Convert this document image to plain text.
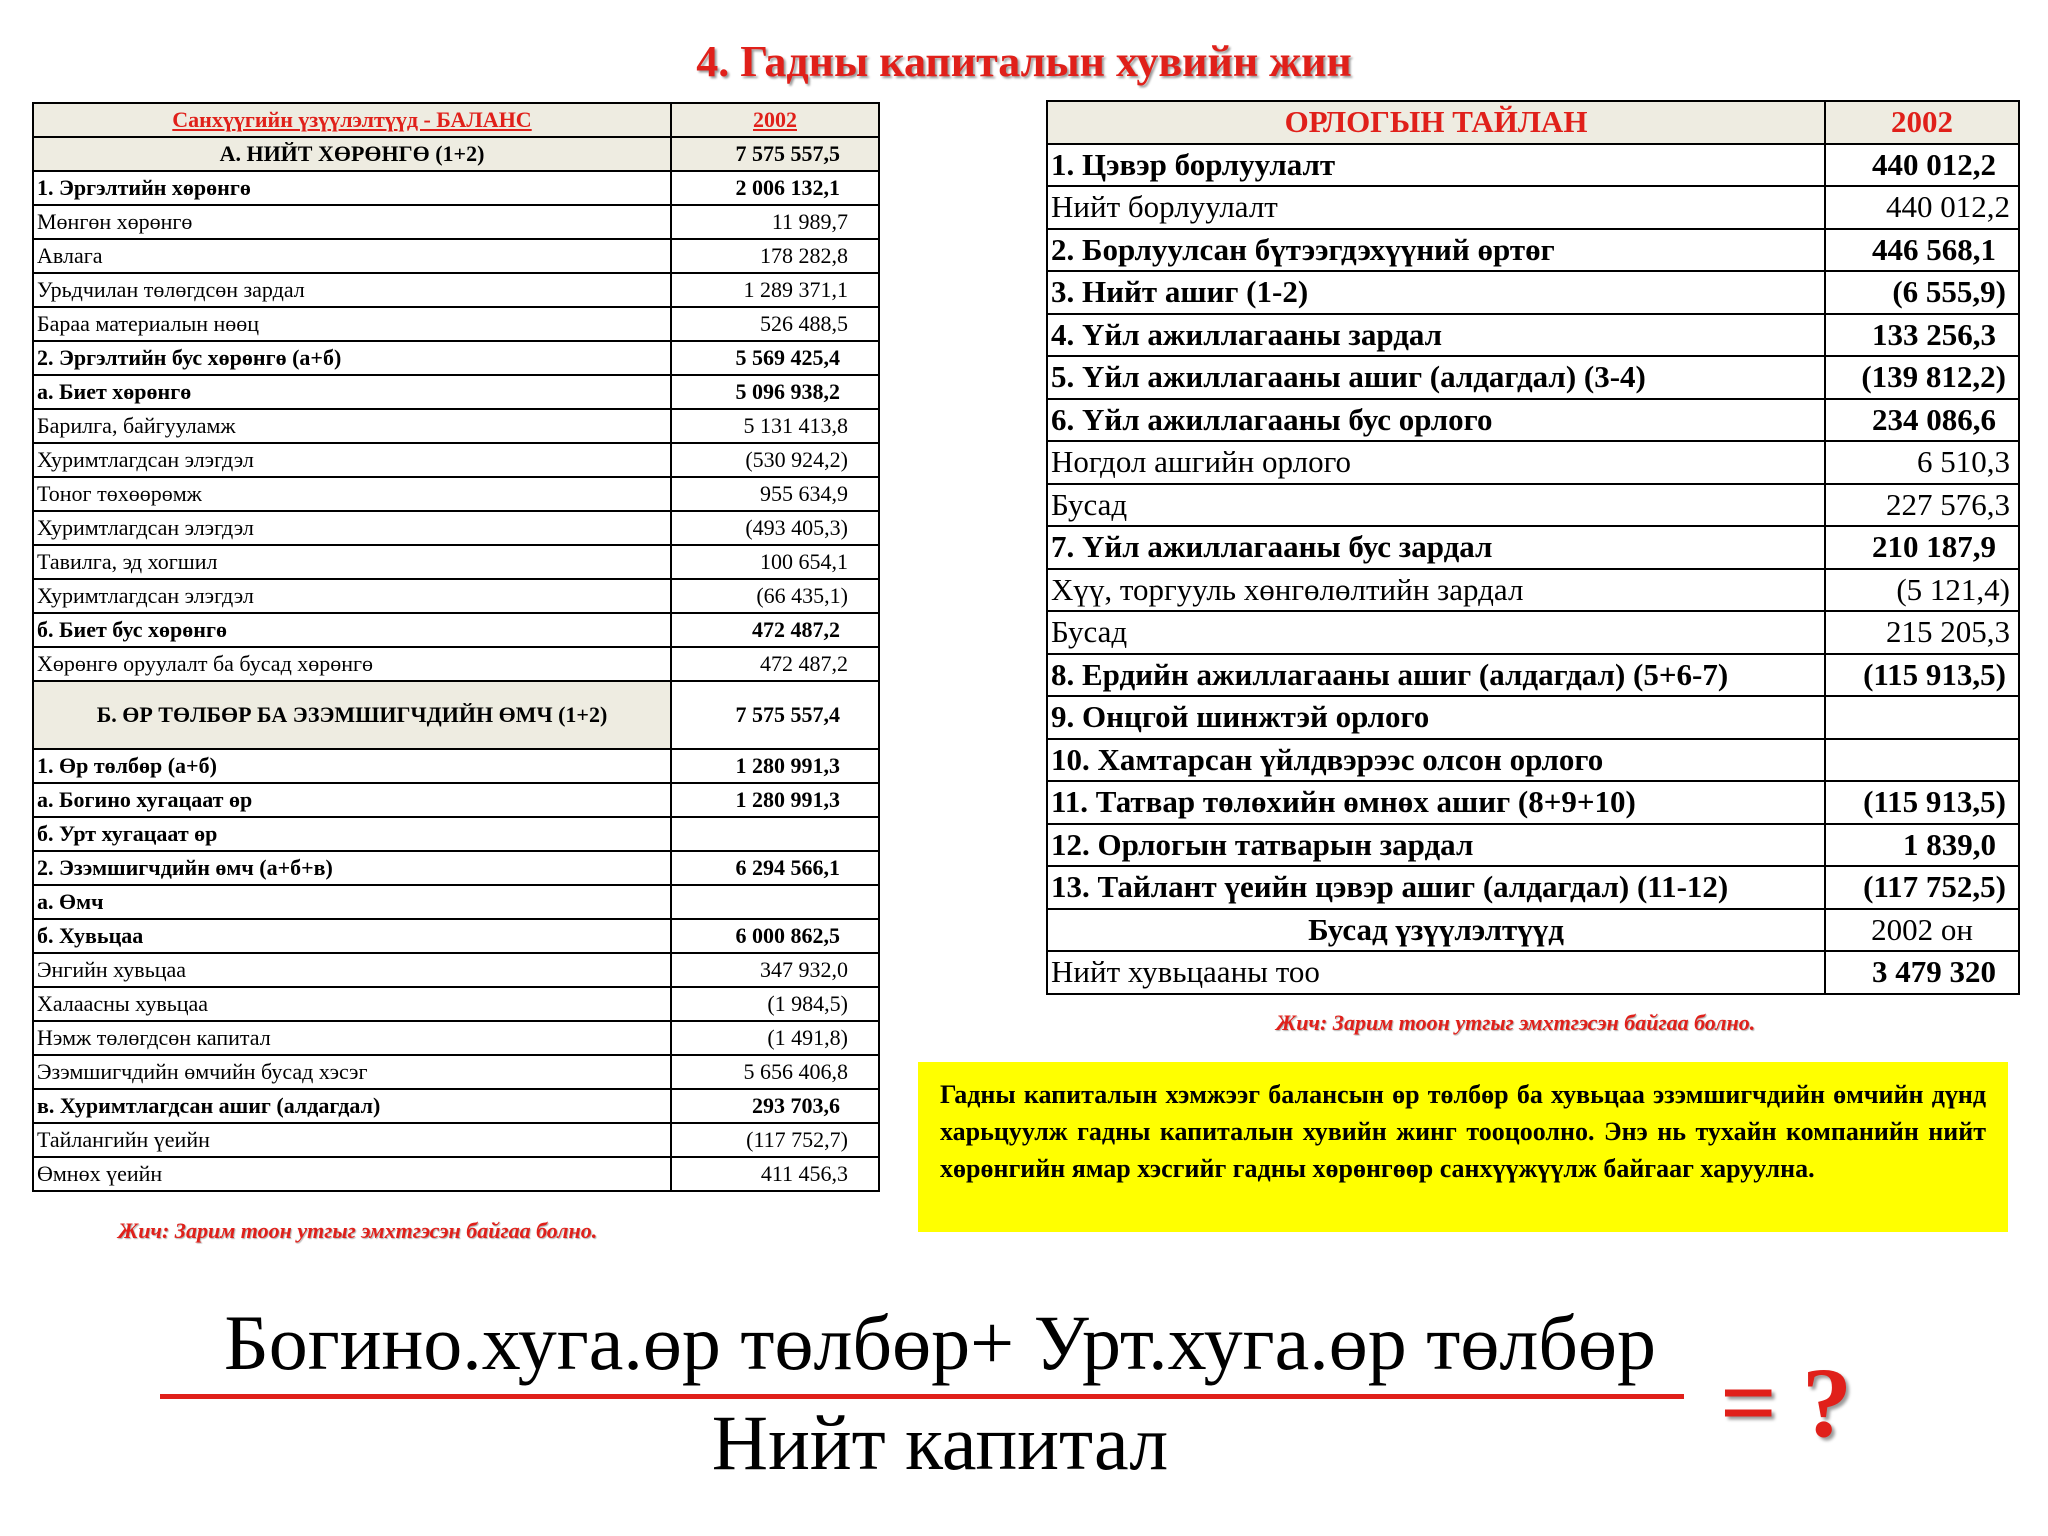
4. Гадны капиталын хувийн жин
Санхүүгийн үзүүлэлтүүд - БАЛАНС	2002
А. НИЙТ ХӨРӨНГӨ (1+2)	7 575 557,5
1. Эргэлтийн хөрөнгө	2 006 132,1
Мөнгөн хөрөнгө	11 989,7
Авлага	178 282,8
Урьдчилан төлөгдсөн зардал	1 289 371,1
Бараа материалын нөөц	526 488,5
2. Эргэлтийн бус хөрөнгө (а+б)	5 569 425,4
а. Биет хөрөнгө	5 096 938,2
Барилга, байгууламж	5 131 413,8
Хуримтлагдсан элэгдэл	(530 924,2)
Тоног төхөөрөмж	955 634,9
Хуримтлагдсан элэгдэл	(493 405,3)
Тавилга, эд хогшил	100 654,1
Хуримтлагдсан элэгдэл	(66 435,1)
б. Биет бус хөрөнгө	472 487,2
Хөрөнгө оруулалт ба бусад хөрөнгө	472 487,2
Б. ӨР ТӨЛБӨР БА ЭЗЭМШИГЧДИЙН ӨМЧ (1+2)	7 575 557,4
1. Өр төлбөр (а+б)	1 280 991,3
а. Богино хугацаат өр	1 280 991,3
б. Урт хугацаат өр	
2. Эзэмшигчдийн өмч (а+б+в)	6 294 566,1
а. Өмч	
б. Хувьцаа	6 000 862,5
Энгийн хувьцаа	347 932,0
Халаасны хувьцаа	(1 984,5)
Нэмж төлөгдсөн капитал	(1 491,8)
Эзэмшигчдийн өмчийн бусад хэсэг	5 656 406,8
в. Хуримтлагдсан ашиг (алдагдал)	293 703,6
Тайлангийн үеийн	(117 752,7)
Өмнөх үеийн	411 456,3
Жич: Зарим тоон утгыг эмхтгэсэн байгаа болно.
ОРЛОГЫН ТАЙЛАН	2002
1. Цэвэр борлуулалт	440 012,2
Нийт борлуулалт	440 012,2
2. Борлуулсан бүтээгдэхүүний өртөг	446 568,1
3. Нийт ашиг (1-2)	(6 555,9)
4. Үйл ажиллагааны зардал	133 256,3
5. Үйл ажиллагааны ашиг (алдагдал) (3-4)	(139 812,2)
6. Үйл ажиллагааны бус орлого	234 086,6
Ногдол ашгийн орлого	6 510,3
Бусад	227 576,3
7. Үйл ажиллагааны бус зардал	210 187,9
Хүү, торгууль хөнгөлөлтийн зардал	(5 121,4)
Бусад	215 205,3
8. Ердийн ажиллагааны ашиг (алдагдал) (5+6-7)	(115 913,5)
9. Онцгой шинжтэй орлого	
10. Хамтарсан үйлдвэрээс олсон орлого	
11. Татвар төлөхийн өмнөх ашиг (8+9+10)	(115 913,5)
12. Орлогын татварын зардал	1 839,0
13. Тайлант үеийн цэвэр ашиг (алдагдал) (11-12)	(117 752,5)
Бусад үзүүлэлтүүд	2002 он
Нийт хувьцааны тоо	3 479 320
Жич: Зарим тоон утгыг эмхтгэсэн байгаа болно.
Гадны капиталын хэмжээг балансын өр төлбөр ба хувьцаа эзэмшигчдийн өмчийн дүнд харьцуулж гадны капиталын хувийн жинг тооцоолно. Энэ нь тухайн компанийн нийт хөрөнгийн ямар хэсгийг гадны хөрөнгөөр санхүүжүүлж байгааг харуулна.
Богино.хуга.өр төлбөр+ Урт.хуга.өр төлбөр
Нийт капитал	= ?
